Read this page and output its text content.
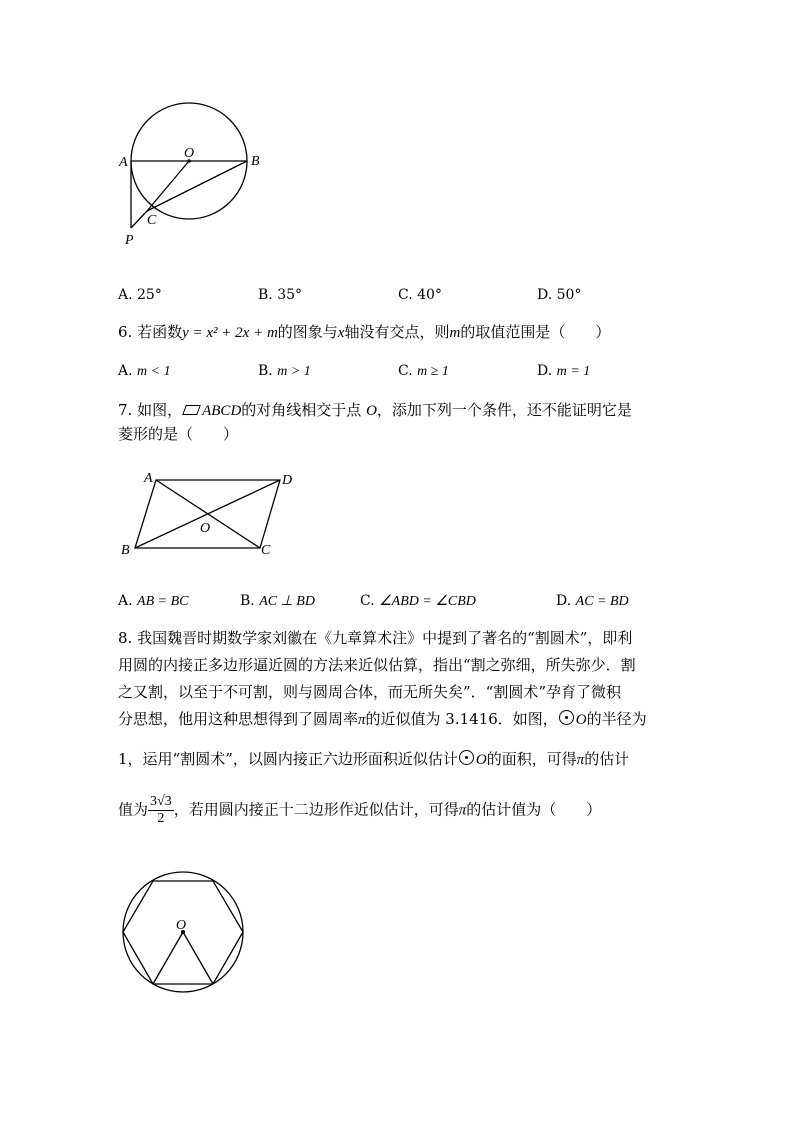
O
A	B
C
P
A. 25°	B. 35°	C. 40°	D. 50°
6. 若函数y = x² + 2x + m的图象与x轴没有交点，则m的取值范围是（　　）
A. m < 1	B. m > 1	C. m ≥ 1	D. m = 1
7. 如图， ABCD的对角线相交于点 O，添加下列一个条件，还不能证明它是
菱形的是（　　）
A	D
O
B	C
A. AB = BC	B. AC ⊥ BD	C. ∠ABD = ∠CBD	D. AC = BD
8. 我国魏晋时期数学家刘徽在《九章算术注》中提到了著名的“割圆术”，即利
用圆的内接正多边形逼近圆的方法来近似估算，指出“割之弥细，所失弥少．割
之又割，以至于不可割，则与圆周合体，而无所失矣”．“割圆术”孕育了微积
分思想，他用这种思想得到了圆周率π的近似值为 3.1416．如图， O的半径为
1，运用“割圆术”，以圆内接正六边形面积近似估计 O的面积，可得π的估计
值为 $\frac{3√3}{2}$ ，若用圆内接正十二边形作近似估计，可得π的估计值为（　　）
O
